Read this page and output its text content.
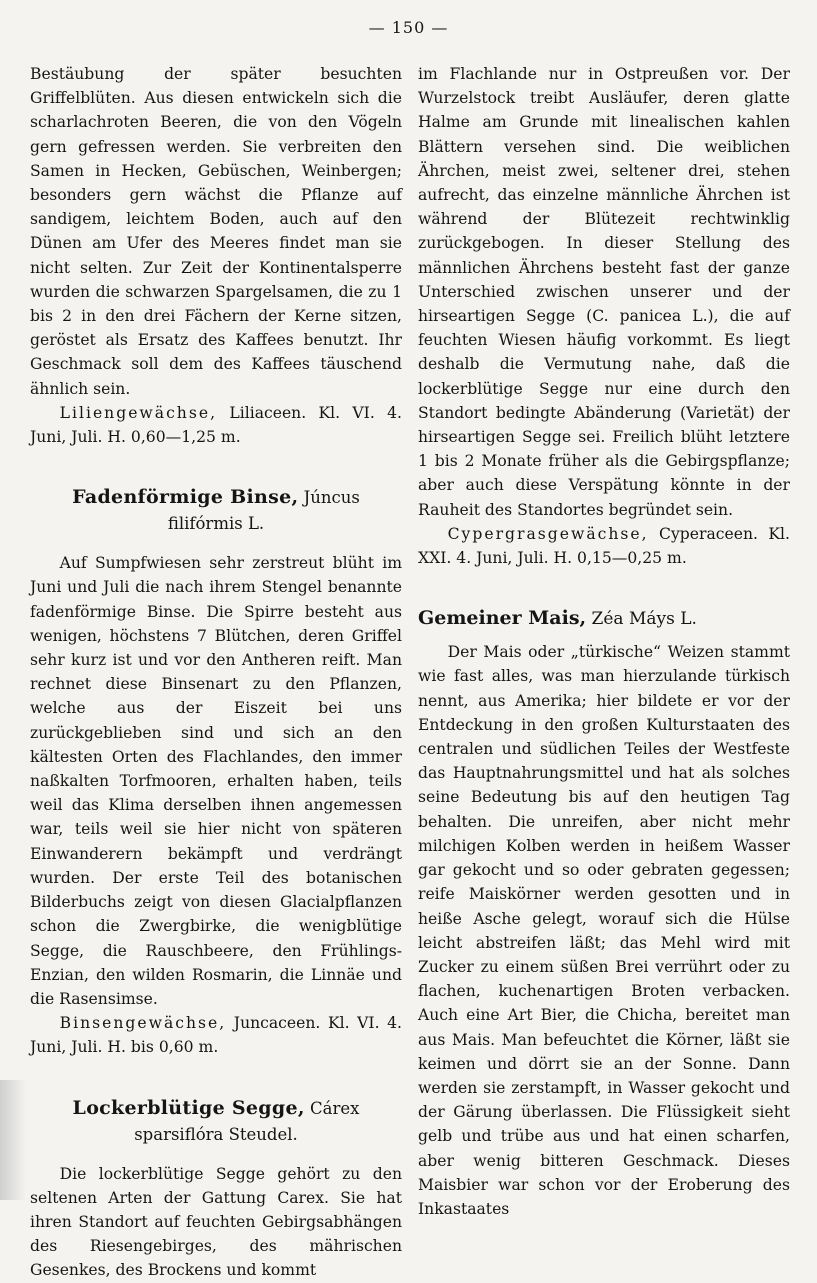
— 150 —

Bestäubung der später besuchten Griffelblüten. Aus diesen entwickeln sich die scharlachroten Beeren, die von den Vögeln gern gefressen werden. Sie verbreiten den Samen in Hecken, Gebüschen, Weinbergen; besonders gern wächst die Pflanze auf sandigem, leichtem Boden, auch auf den Dünen am Ufer des Meeres findet man sie nicht selten. Zur Zeit der Kontinentalsperre wurden die schwarzen Spargelsamen, die zu 1 bis 2 in den drei Fächern der Kerne sitzen, geröstet als Ersatz des Kaffees benutzt. Ihr Geschmack soll dem des Kaffees täuschend ähnlich sein.

Liliengewächse, Liliaceen. Kl. VI. 4. Juni, Juli. H. 0,60—1,25 m.

Fadenförmige Binse, Júncus
filifórmis L.

Auf Sumpfwiesen sehr zerstreut blüht im Juni und Juli die nach ihrem Stengel benannte fadenförmige Binse. Die Spirre besteht aus wenigen, höchstens 7 Blütchen, deren Griffel sehr kurz ist und vor den Antheren reift. Man rechnet diese Binsenart zu den Pflanzen, welche aus der Eiszeit bei uns zurückgeblieben sind und sich an den kältesten Orten des Flachlandes, den immer naßkalten Torfmooren, erhalten haben, teils weil das Klima derselben ihnen angemessen war, teils weil sie hier nicht von späteren Einwanderern bekämpft und verdrängt wurden. Der erste Teil des botanischen Bilderbuchs zeigt von diesen Glacialpflanzen schon die Zwergbirke, die wenigblütige Segge, die Rauschbeere, den Frühlings-Enzian, den wilden Rosmarin, die Linnäe und die Rasensimse.

Binsengewächse, Juncaceen. Kl. VI. 4. Juni, Juli. H. bis 0,60 m.

Lockerblütige Segge, Cárex
sparsiflóra Steudel.

Die lockerblütige Segge gehört zu den seltenen Arten der Gattung Carex. Sie hat ihren Standort auf feuchten Gebirgsabhängen des Riesengebirges, des mährischen Gesenkes, des Brockens und kommt

im Flachlande nur in Ostpreußen vor. Der Wurzelstock treibt Ausläufer, deren glatte Halme am Grunde mit linealischen kahlen Blättern versehen sind. Die weiblichen Ährchen, meist zwei, seltener drei, stehen aufrecht, das einzelne männliche Ährchen ist während der Blütezeit rechtwinklig zurückgebogen. In dieser Stellung des männlichen Ährchens besteht fast der ganze Unterschied zwischen unserer und der hirseartigen Segge (C. panicea L.), die auf feuchten Wiesen häufig vorkommt. Es liegt deshalb die Vermutung nahe, daß die lockerblütige Segge nur eine durch den Standort bedingte Abänderung (Varietät) der hirseartigen Segge sei. Freilich blüht letztere 1 bis 2 Monate früher als die Gebirgspflanze; aber auch diese Verspätung könnte in der Rauheit des Standortes begründet sein.

Cypergrasgewächse, Cyperaceen. Kl. XXI. 4. Juni, Juli. H. 0,15—0,25 m.

Gemeiner Mais, Zéa Máys L.

Der Mais oder „türkische“ Weizen stammt wie fast alles, was man hierzulande türkisch nennt, aus Amerika; hier bildete er vor der Entdeckung in den großen Kulturstaaten des centralen und südlichen Teiles der Westfeste das Hauptnahrungsmittel und hat als solches seine Bedeutung bis auf den heutigen Tag behalten. Die unreifen, aber nicht mehr milchigen Kolben werden in heißem Wasser gar gekocht und so oder gebraten gegessen; reife Maiskörner werden gesotten und in heiße Asche gelegt, worauf sich die Hülse leicht abstreifen läßt; das Mehl wird mit Zucker zu einem süßen Brei verrührt oder zu flachen, kuchenartigen Broten verbacken. Auch eine Art Bier, die Chicha, bereitet man aus Mais. Man befeuchtet die Körner, läßt sie keimen und dörrt sie an der Sonne. Dann werden sie zerstampft, in Wasser gekocht und der Gärung überlassen. Die Flüssigkeit sieht gelb und trübe aus und hat einen scharfen, aber wenig bitteren Geschmack. Dieses Maisbier war schon vor der Eroberung des Inkastaates
